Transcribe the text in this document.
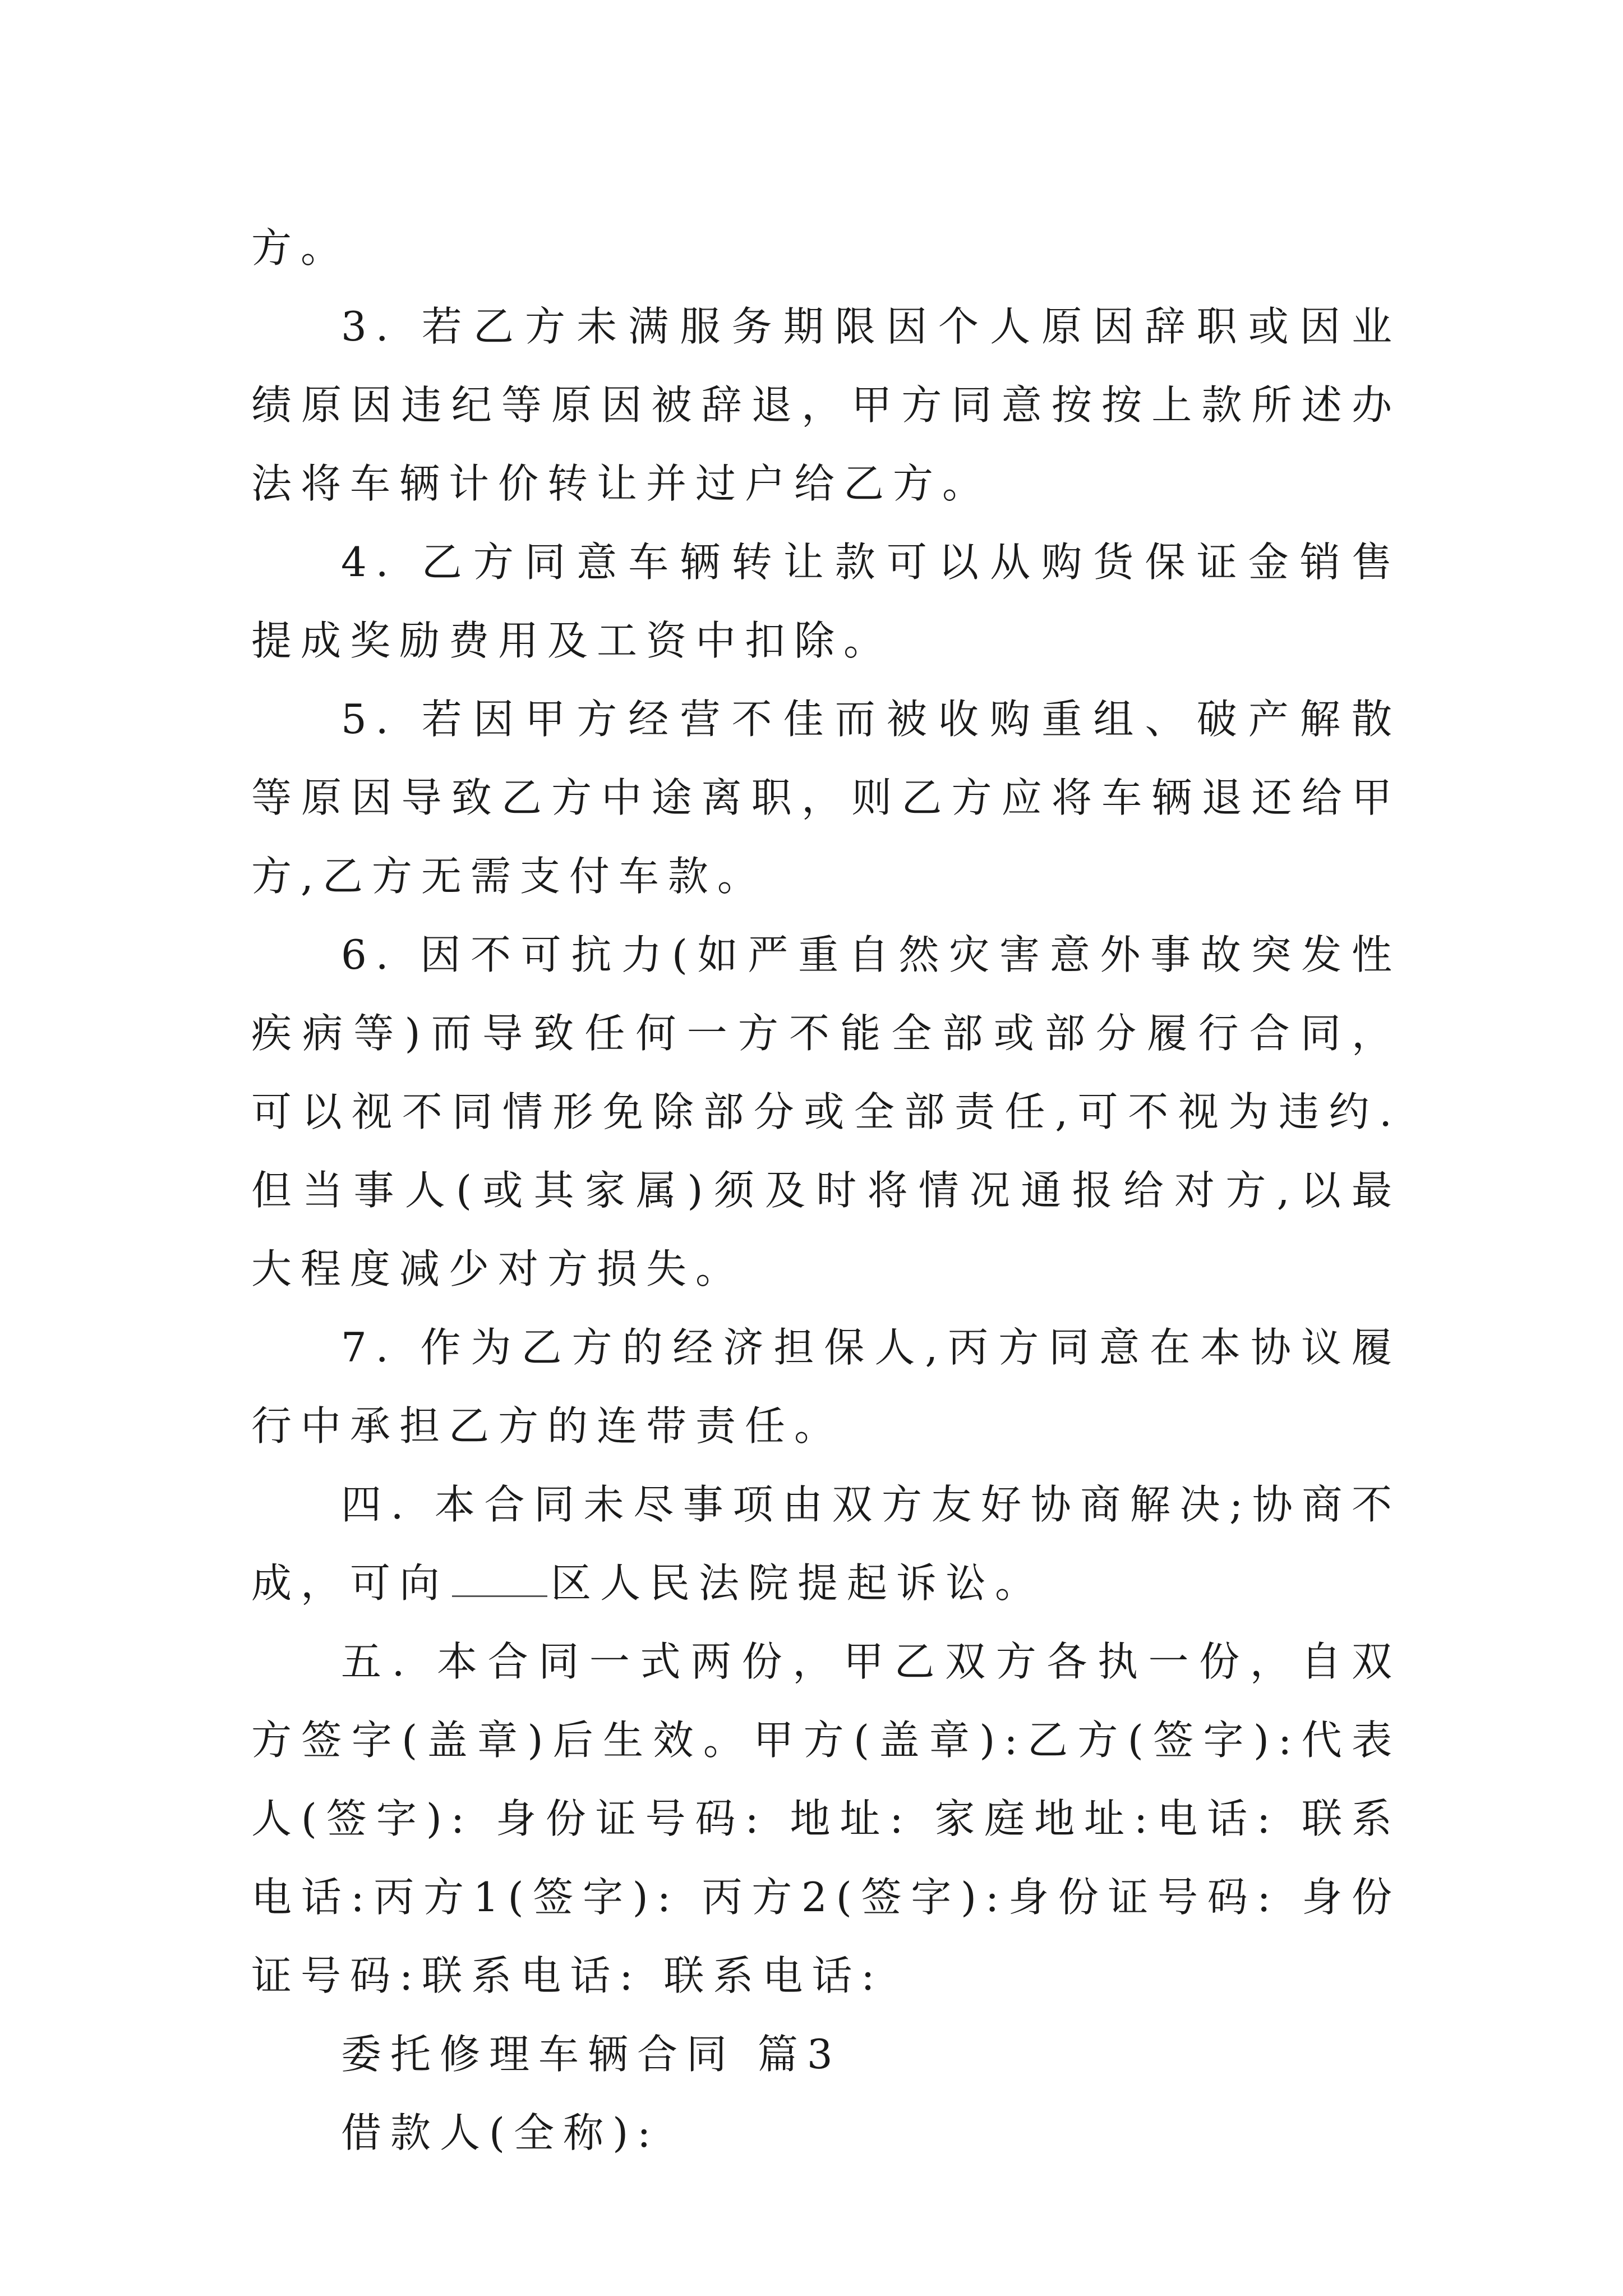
方。

3. 若乙方未满服务期限因个人原因辞职或因业绩原因违纪等原因被辞退，甲方同意按按上款所述办法将车辆计价转让并过户给乙方。

4. 乙方同意车辆转让款可以从购货保证金销售提成奖励费用及工资中扣除。

5. 若因甲方经营不佳而被收购重组、破产解散等原因导致乙方中途离职，则乙方应将车辆退还给甲方,乙方无需支付车款。

6. 因不可抗力(如严重自然灾害意外事故突发性疾病等)而导致任何一方不能全部或部分履行合同，可以视不同情形免除部分或全部责任,可不视为违约.但当事人(或其家属)须及时将情况通报给对方,以最大程度减少对方损失。

7. 作为乙方的经济担保人,丙方同意在本协议履行中承担乙方的连带责任。

四. 本合同未尽事项由双方友好协商解决;协商不成，可向	区人民法院提起诉讼。

五. 本合同一式两份，甲乙双方各执一份，自双方签字(盖章)后生效。甲方(盖章):乙方(签字):代表人(签字): 身份证号码: 地址: 家庭地址:电话: 联系电话:丙方1(签字): 丙方2(签字):身份证号码: 身份证号码:联系电话: 联系电话:

委托修理车辆合同 篇3

借款人(全称):
